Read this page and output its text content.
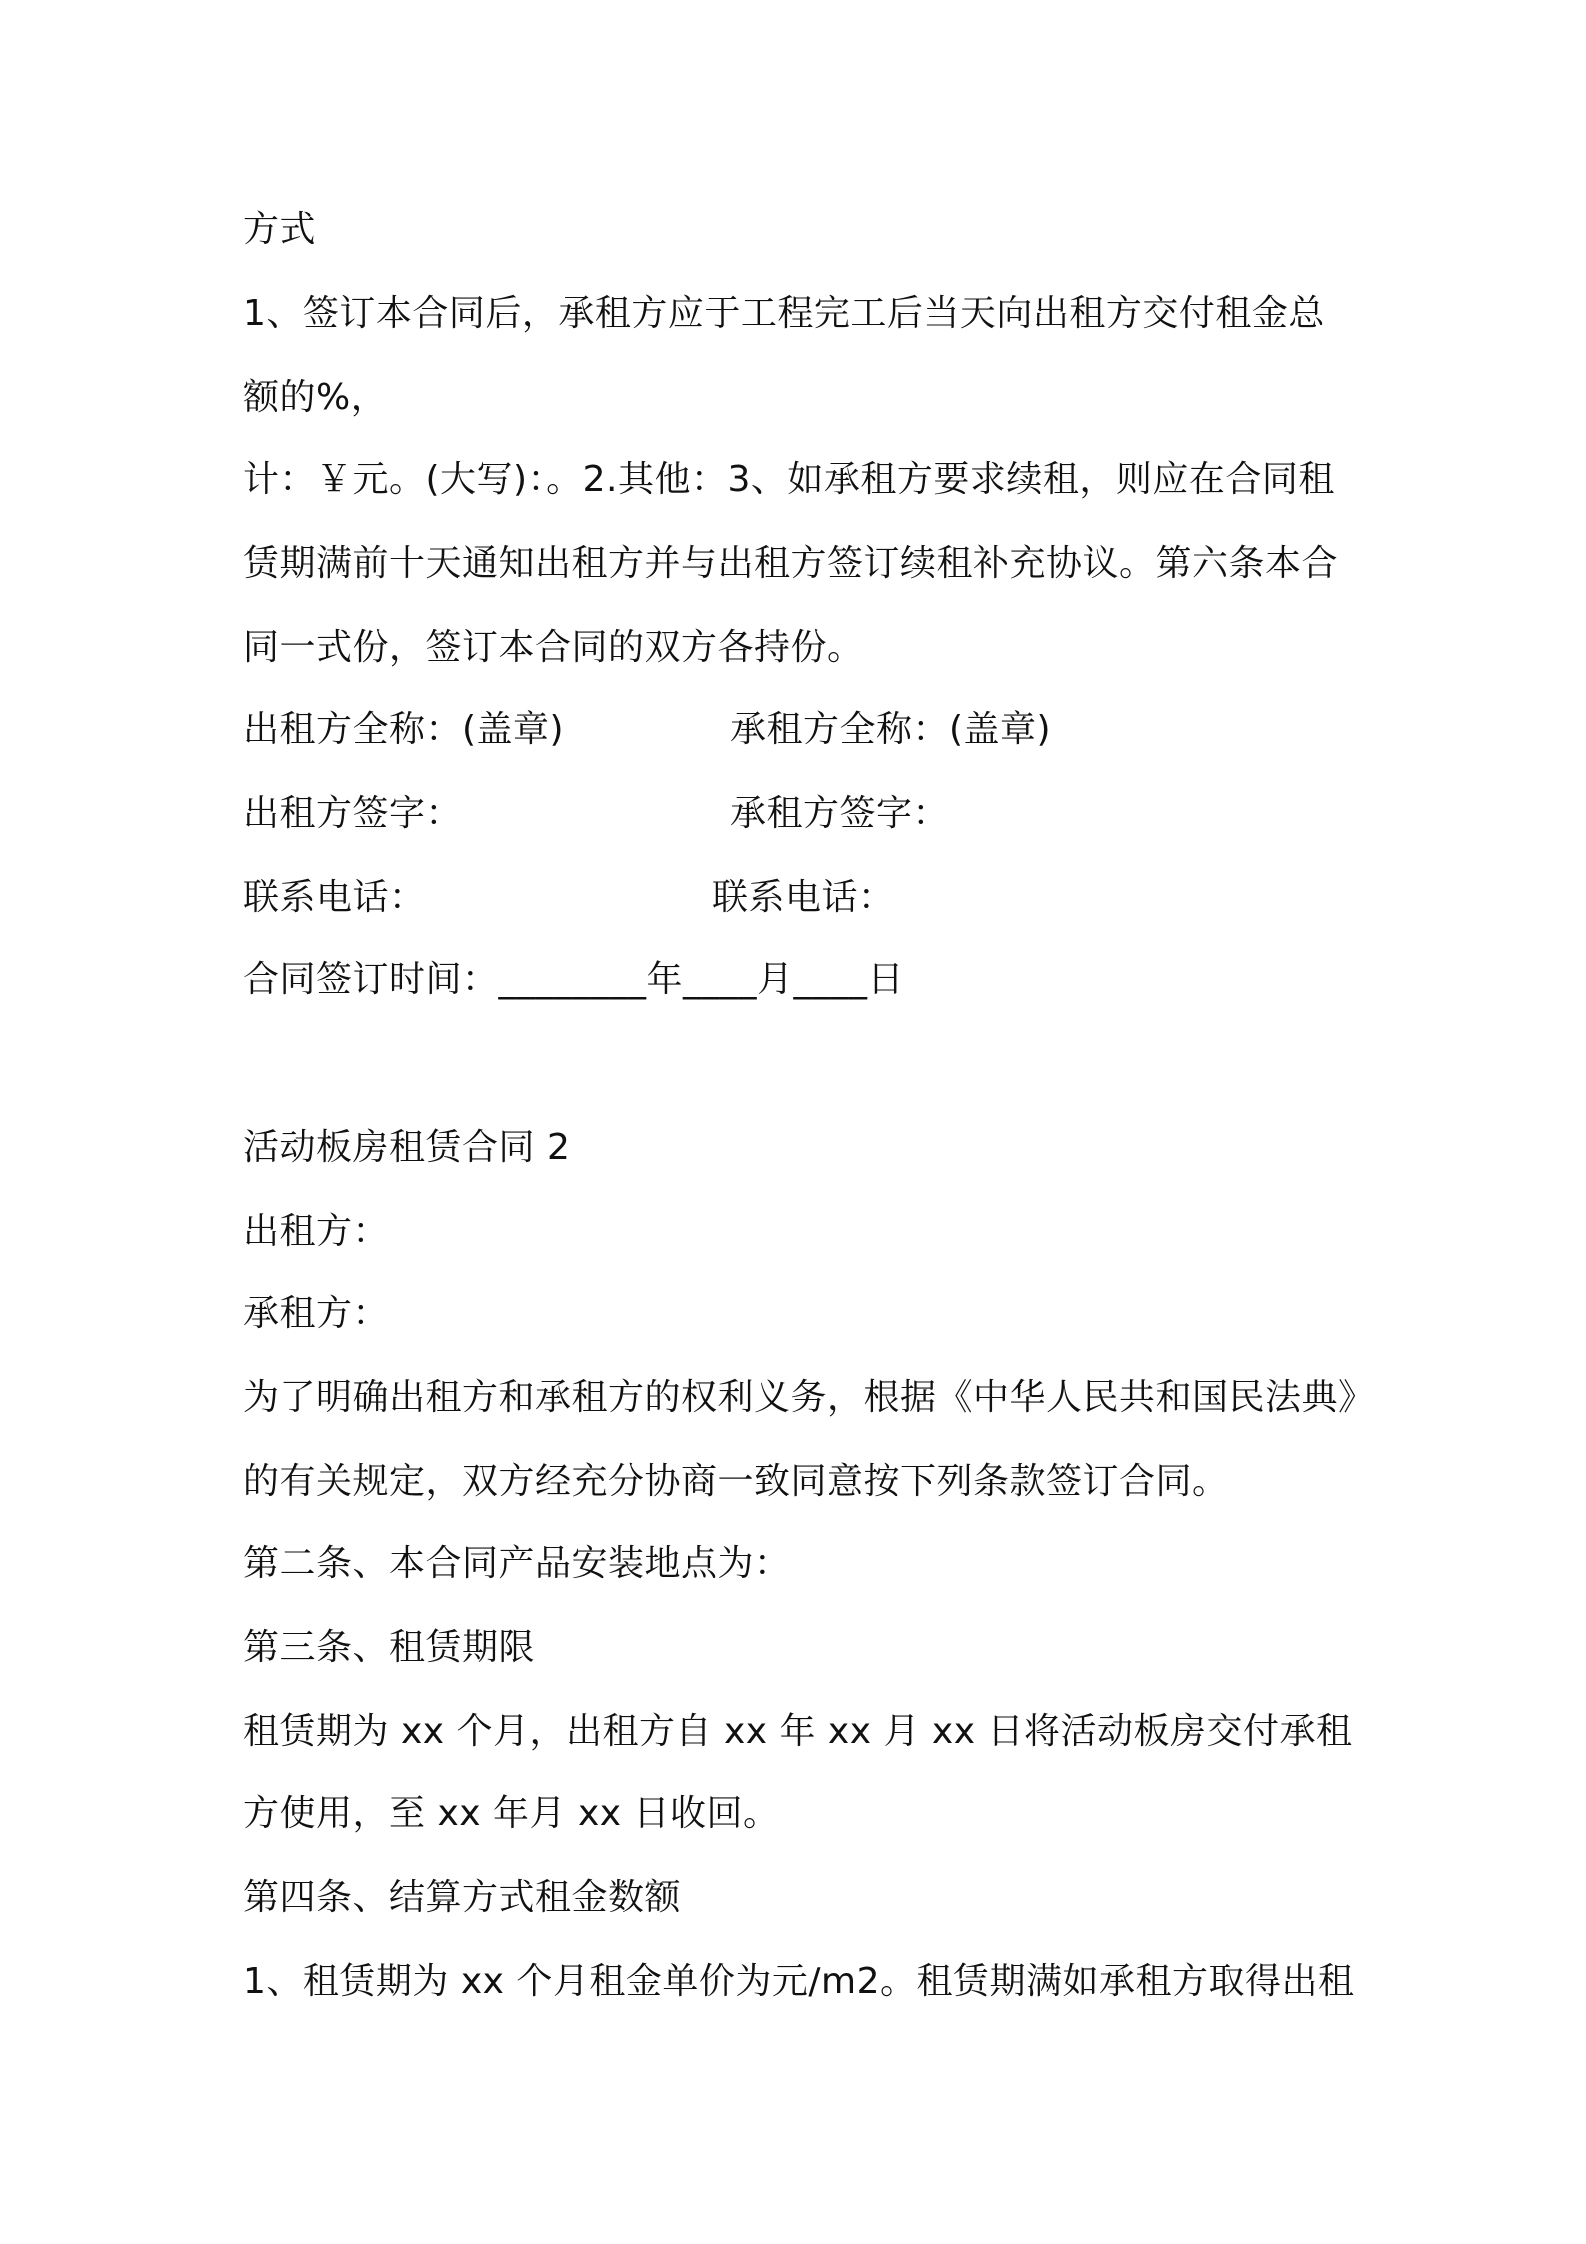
方式
1、签订本合同后，承租方应于工程完工后当天向出租方交付租金总
额的%，
计：￥元。(大写)：。2.其他：3、如承租方要求续租，则应在合同租
赁期满前十天通知出租方并与出租方签订续租补充协议。第六条本合
同一式份，签订本合同的双方各持份。
出租方全称：(盖章)	承租方全称：(盖章)
出租方签字：	承租方签字：
联系电话：	联系电话：
合同签订时间：________年____月____日
活动板房租赁合同 2
出租方：
承租方：
为了明确出租方和承租方的权利义务，根据《中华人民共和国民法典》
的有关规定，双方经充分协商一致同意按下列条款签订合同。
第二条、本合同产品安装地点为：
第三条、租赁期限
租赁期为 xx 个月，出租方自 xx 年 xx 月 xx 日将活动板房交付承租
方使用，至 xx 年月 xx 日收回。
第四条、结算方式租金数额
1、租赁期为 xx 个月租金单价为元/m2。租赁期满如承租方取得出租
